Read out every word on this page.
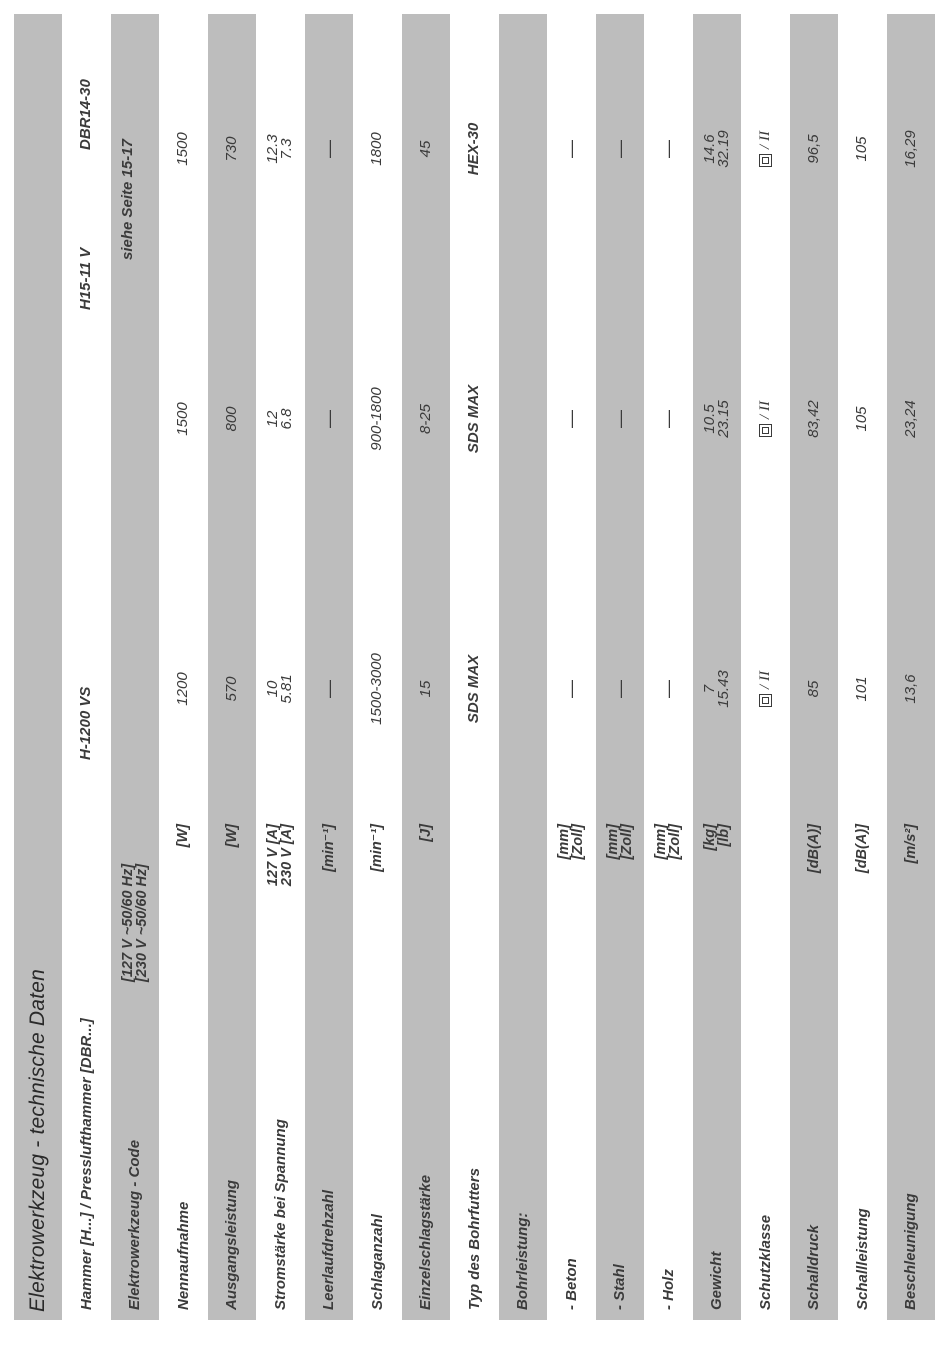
Elektrowerkzeug - technische Daten	Hammer [H...] / Presslufthammer [DBR...]
H-1200 VS
H15-11 V
DBR14-30
Elektrowerkzeug - Code
[127 V ~50/60 Hz]
[230 V ~50/60 Hz]
siehe Seite 15-17
Nennaufnahme
[W]
1200
1500
1500
Ausgangsleistung
[W]
570
800
730
Stromstärke bei Spannung
127 V [A]
230 V [A]
10
5.81
12
6.8
12.3
7.3
Leerlaufdrehzahl
[min⁻¹]
—
—
—
Schlaganzahl
[min⁻¹]
1500-3000
900-1800
1800
Einzelschlagstärke
[J]
15
8-25
45
Typ des Bohrfutters
SDS MAX
SDS MAX
HEX-30
Bohrleistung:	- Beton
[mm]
[Zoll]
—
—
—
- Stahl
[mm]
[Zoll]
—
—
—
- Holz
[mm]
[Zoll]
—
—
—
Gewicht
[kg]
[lb]
7
15.43
10.5
23.15
14.6
32.19
Schutzklasse
/ II
/ II
/ II
Schalldruck
[dB(A)]
85
83,42
96,5
Schallleistung
[dB(A)]
101
105
105
Beschleunigung
[m/s²]
13,6
23,24
16,29
